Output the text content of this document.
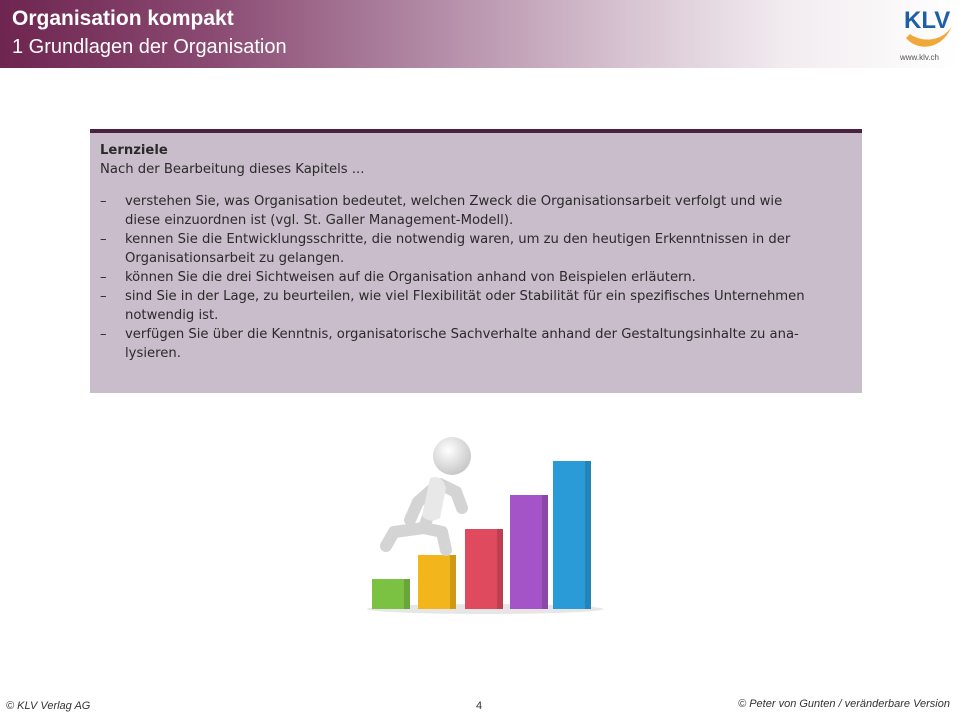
Organisation kompakt
1 Grundlagen der Organisation
KLV
www.klv.ch
Lernziele
Nach der Bearbeitung dieses Kapitels ...
– verstehen Sie, was Organisation bedeutet, welchen Zweck die Organisationsarbeit verfolgt und wie
diese einzuordnen ist (vgl. St. Galler Management-Modell).
– kennen Sie die Entwicklungsschritte, die notwendig waren, um zu den heutigen Erkenntnissen in der
Organisationsarbeit zu gelangen.
– können Sie die drei Sichtweisen auf die Organisation anhand von Beispielen erläutern.
– sind Sie in der Lage, zu beurteilen, wie viel Flexibilität oder Stabilität für ein spezifisches Unternehmen
notwendig ist.
– verfügen Sie über die Kenntnis, organisatorische Sachverhalte anhand der Gestaltungsinhalte zu ana-
lysieren.
© KLV Verlag AG	4	© Peter von Gunten / veränderbare Version
